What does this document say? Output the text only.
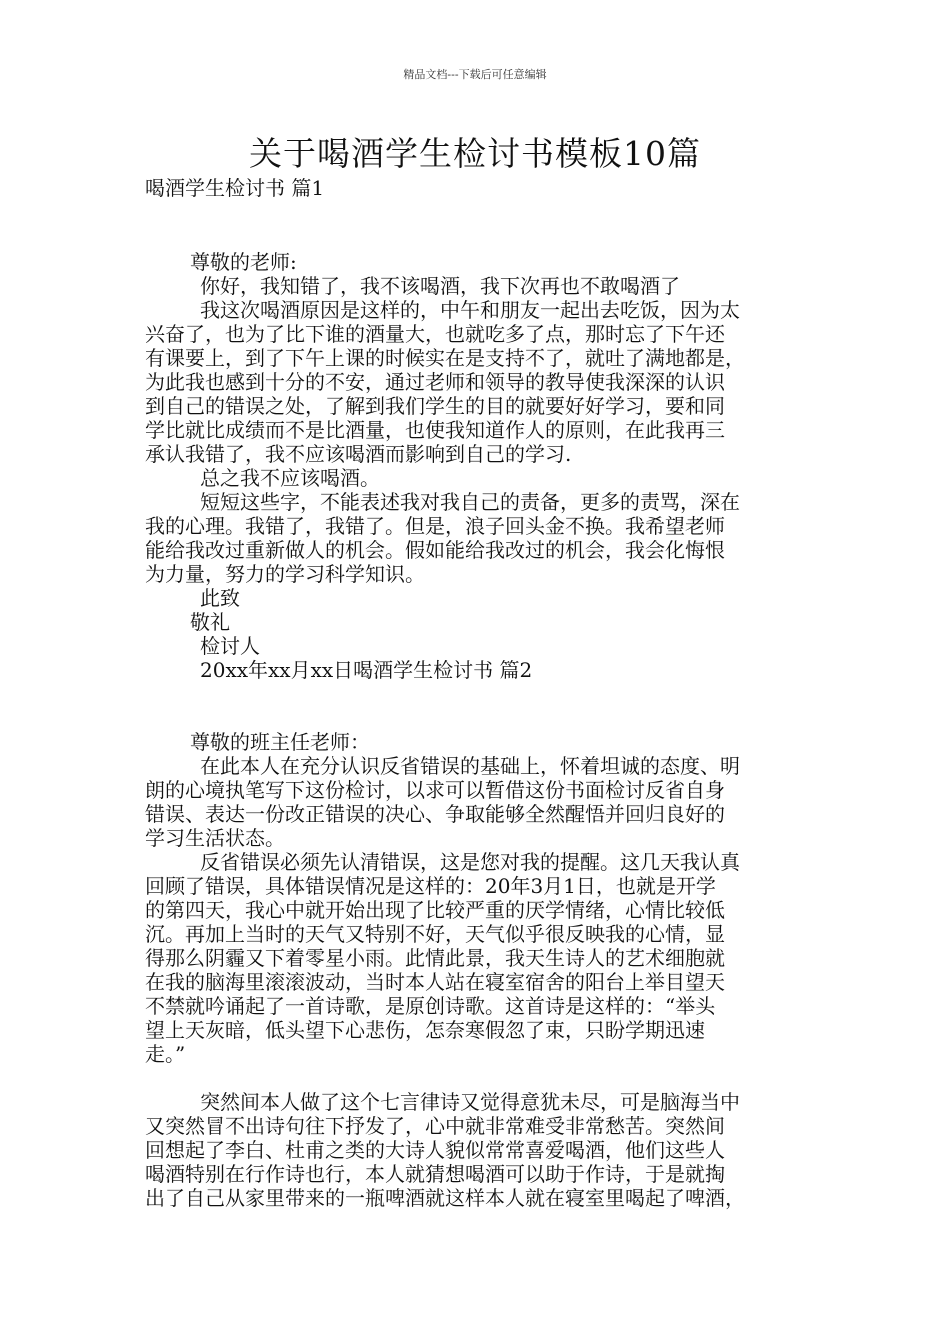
精品文档---下载后可任意编辑
关于喝酒学生检讨书模板10篇
喝酒学生检讨书 篇1
尊敬的老师:
你好，我知错了，我不该喝酒，我下次再也不敢喝酒了
我这次喝酒原因是这样的，中午和朋友一起出去吃饭，因为太
兴奋了，也为了比下谁的酒量大，也就吃多了点，那时忘了下午还
有课要上，到了下午上课的时候实在是支持不了，就吐了满地都是，
为此我也感到十分的不安，通过老师和领导的教导使我深深的认识
到自己的错误之处，了解到我们学生的目的就要好好学习，要和同
学比就比成绩而不是比酒量，也使我知道作人的原则，在此我再三
承认我错了，我不应该喝酒而影响到自己的学习.
总之我不应该喝酒。
短短这些字，不能表述我对我自己的责备，更多的责骂，深在
我的心理。我错了，我错了。但是，浪子回头金不换。我希望老师
能给我改过重新做人的机会。假如能给我改过的机会，我会化悔恨
为力量，努力的学习科学知识。
此致
敬礼
检讨人
20xx年xx月xx日喝酒学生检讨书 篇2
尊敬的班主任老师：
在此本人在充分认识反省错误的基础上，怀着坦诚的态度、明
朗的心境执笔写下这份检讨，以求可以暂借这份书面检讨反省自身
错误、表达一份改正错误的决心、争取能够全然醒悟并回归良好的
学习生活状态。
反省错误必须先认清错误，这是您对我的提醒。这几天我认真
回顾了错误，具体错误情况是这样的：20年3月1日，也就是开学
的第四天，我心中就开始出现了比较严重的厌学情绪，心情比较低
沉。再加上当时的天气又特别不好，天气似乎很反映我的心情，显
得那么阴霾又下着零星小雨。此情此景，我天生诗人的艺术细胞就
在我的脑海里滚滚波动，当时本人站在寝室宿舍的阳台上举目望天
不禁就吟诵起了一首诗歌，是原创诗歌。这首诗是这样的：“举头
望上天灰暗，低头望下心悲伤，怎奈寒假忽了束，只盼学期迅速
走。”
突然间本人做了这个七言律诗又觉得意犹未尽，可是脑海当中
又突然冒不出诗句往下抒发了，心中就非常难受非常愁苦。突然间
回想起了李白、杜甫之类的大诗人貌似常常喜爱喝酒，他们这些人
喝酒特别在行作诗也行，本人就猜想喝酒可以助于作诗，于是就掏
出了自己从家里带来的一瓶啤酒就这样本人就在寝室里喝起了啤酒，
